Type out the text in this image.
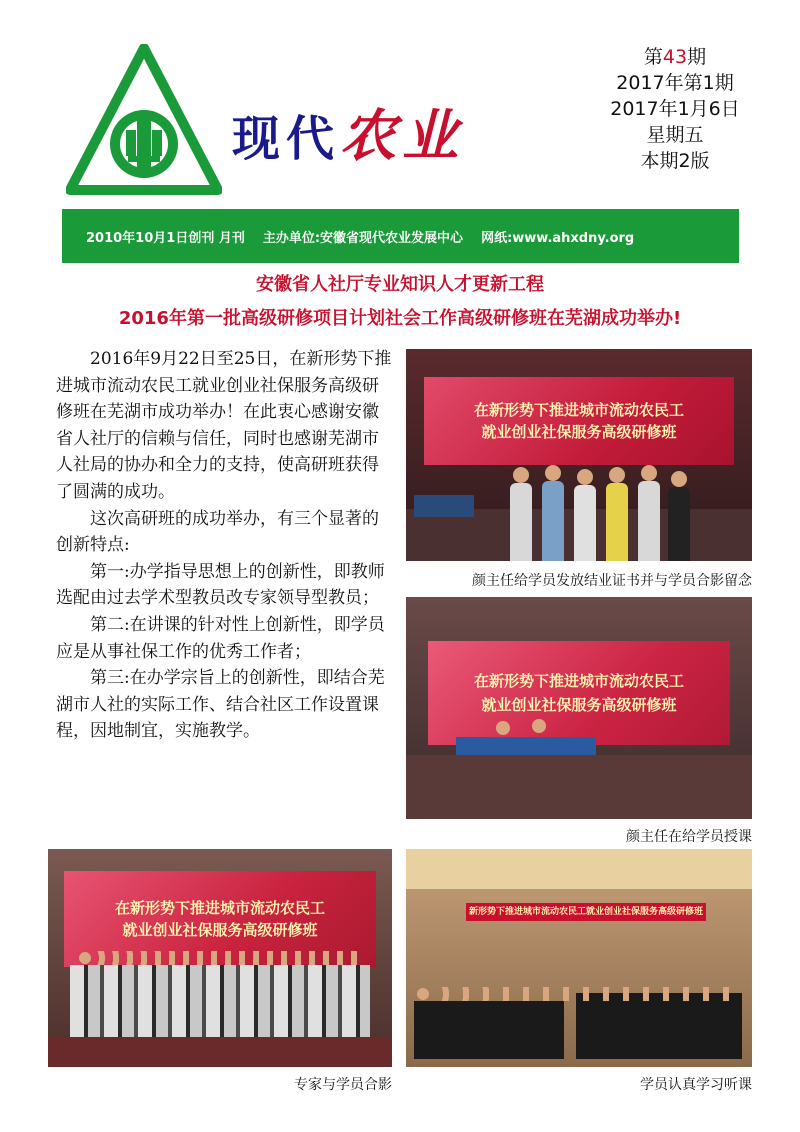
现代农业
第43期
2017年第1期
2017年1月6日
星期五
本期2版
2010年10月1日创刊 月刊 主办单位:安徽省现代农业发展中心 网纸:www.ahxdny.org
安徽省人社厅专业知识人才更新工程
2016年第一批高级研修项目计划社会工作高级研修班在芜湖成功举办!

2016年9月22日至25日，在新形势下推进城市流动农民工就业创业社保服务高级研修班在芜湖市成功举办！在此衷心感谢安徽省人社厅的信赖与信任，同时也感谢芜湖市人社局的协办和全力的支持，使高研班获得了圆满的成功。

这次高研班的成功举办，有三个显著的创新特点:

第一:办学指导思想上的创新性，即教师选配由过去学术型教员改专家领导型教员；

第二:在讲课的针对性上创新性，即学员应是从事社保工作的优秀工作者；

第三:在办学宗旨上的创新性，即结合芜湖市人社的实际工作、结合社区工作设置课程，因地制宜，实施教学。

在新形势下推进城市流动农民工
就业创业社保服务高级研修班
颜主任给学员发放结业证书并与学员合影留念
在新形势下推进城市流动农民工
就业创业社保服务高级研修班
颜主任在给学员授课
在新形势下推进城市流动农民工
就业创业社保服务高级研修班
专家与学员合影
新形势下推进城市流动农民工就业创业社保服务高级研修班
学员认真学习听课
